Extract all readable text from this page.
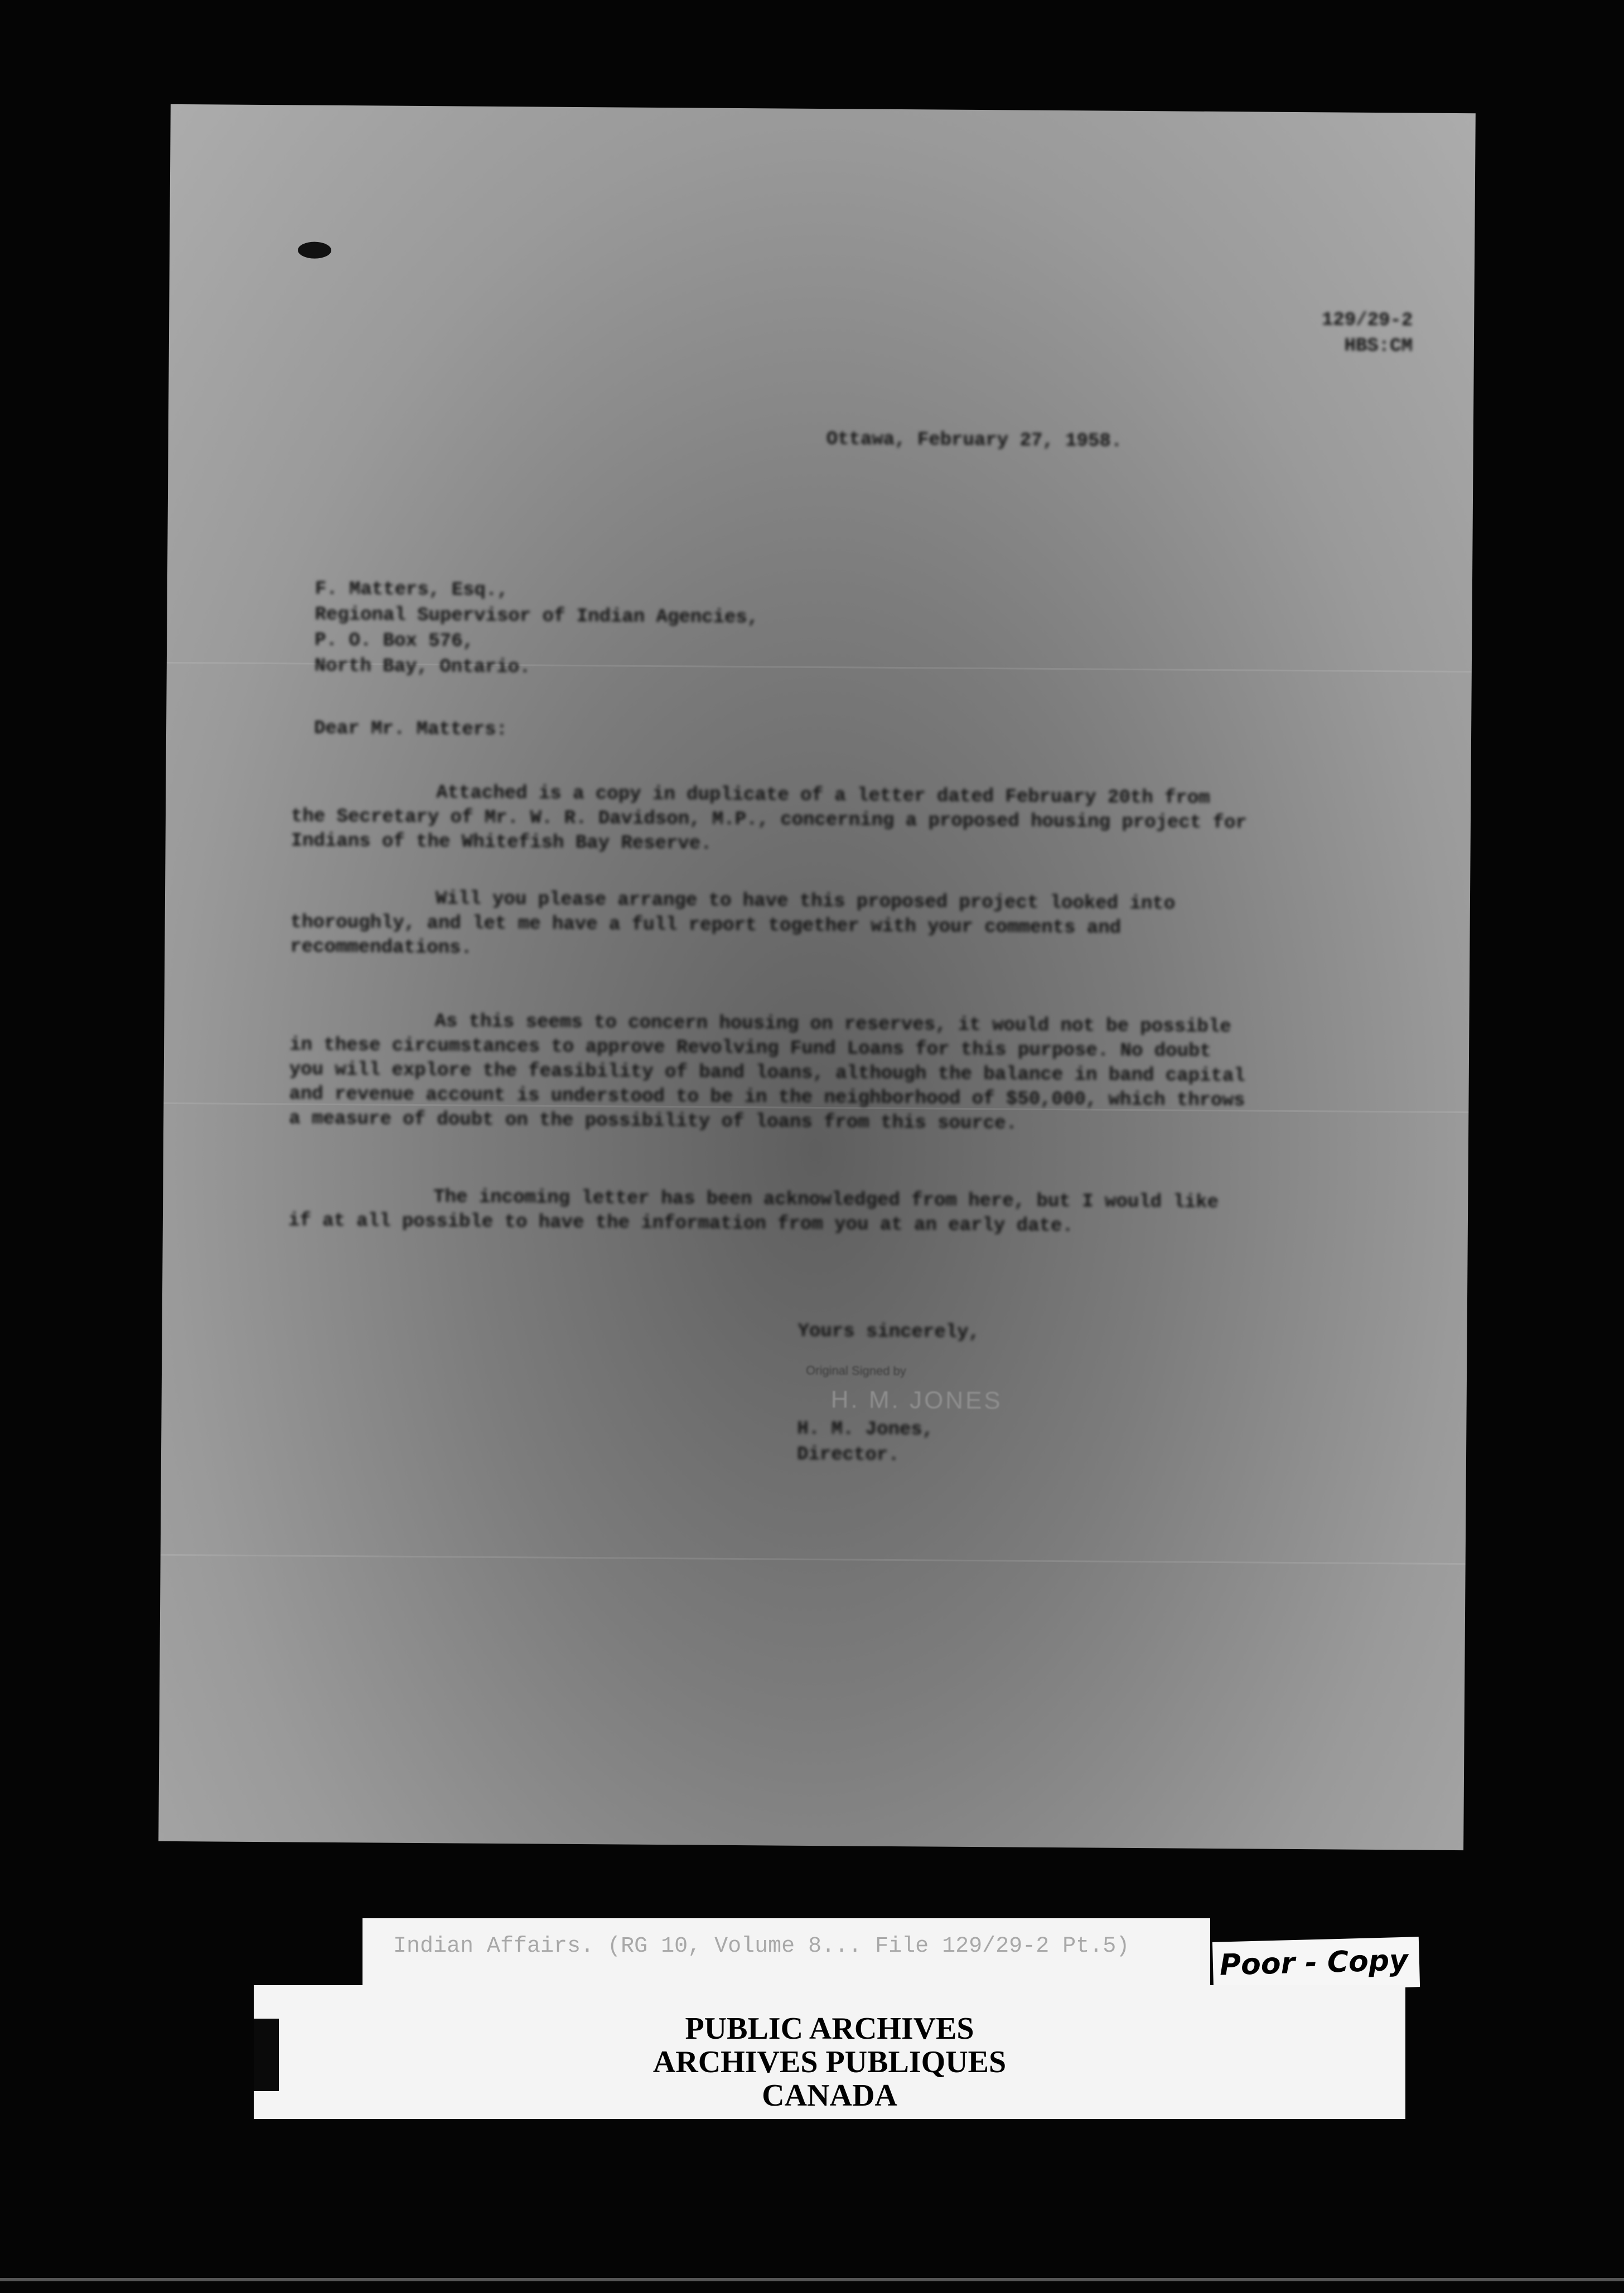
129/29-2
HBS:CM
Ottawa, February 27, 1958.
F. Matters, Esq.,
Regional Supervisor of Indian Agencies,
P. O. Box 576,
North Bay, Ontario.
Dear Mr. Matters:
Attached is a copy in duplicate of a letter dated February 20th from the Secretary of Mr. W. R. Davidson, M.P., concerning a proposed housing project for Indians of the Whitefish Bay Reserve.
Will you please arrange to have this proposed project looked into thoroughly, and let me have a full report together with your comments and recommendations.
As this seems to concern housing on reserves, it would not be possible in these circumstances to approve Revolving Fund Loans for this purpose. No doubt you will explore the feasibility of band loans, although the balance in band capital and revenue account is understood to be in the neighborhood of $50,000, which throws a measure of doubt on the possibility of loans from this source.
The incoming letter has been acknowledged from here, but I would like if at all possible to have the information from you at an early date.
Yours sincerely,
Original Signed by
H. M. JONES
H. M. Jones,
Director.
Indian Affairs. (RG 10, Volume 8... File 129/29-2 Pt.5)	Poor - Copy
PUBLIC ARCHIVES
ARCHIVES PUBLIQUES
CANADA
